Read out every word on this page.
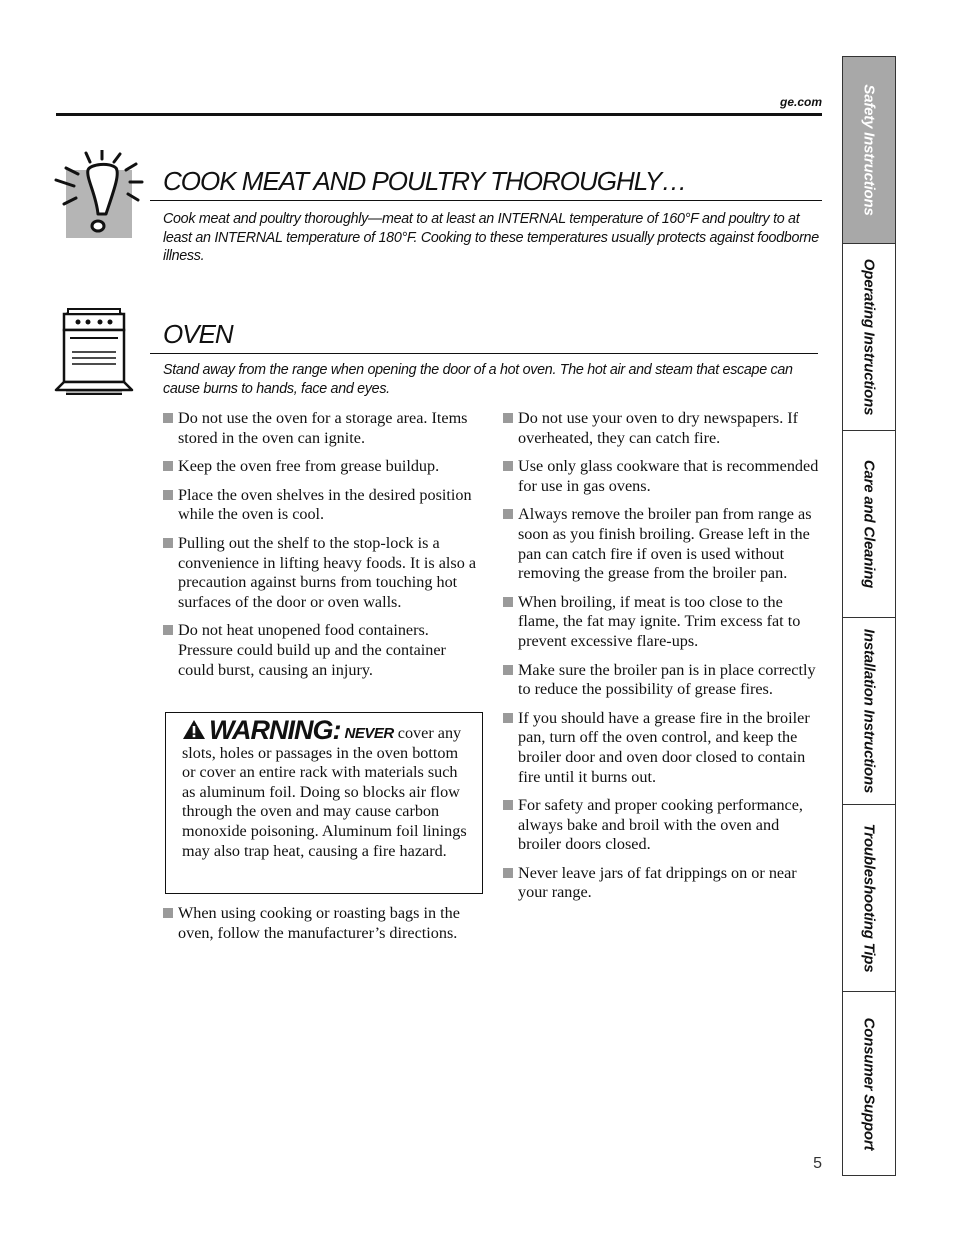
ge.com	Safety Instructions
Operating Instructions
Care and Cleaning
Installation Instructions
Troubleshooting Tips
Consumer Support
COOK MEAT AND POULTRY THOROUGHLY…
Cook meat and poultry thoroughly—meat to at least an INTERNAL temperature of 160°F and poultry to at least an INTERNAL temperature of 180°F. Cooking to these temperatures usually protects against foodborne illness.
OVEN
Stand away from the range when opening the door of a hot oven. The hot air and steam that escape can cause burns to hands, face and eyes.
Do not use the oven for a storage area. Items stored in the oven can ignite.
Keep the oven free from grease buildup.
Place the oven shelves in the desired position while the oven is cool.
Pulling out the shelf to the stop-lock is a convenience in lifting heavy foods. It is also a precaution against burns from touching hot surfaces of the door or oven walls.
Do not heat unopened food containers. Pressure could build up and the container could burst, causing an injury.
WARNING: NEVER cover any slots, holes or passages in the oven bottom or cover an entire rack with materials such as aluminum foil. Doing so blocks air flow through the oven and may cause carbon monoxide poisoning. Aluminum foil linings may also trap heat, causing a fire hazard.
When using cooking or roasting bags in the oven, follow the manufacturer’s directions.
Do not use your oven to dry newspapers. If overheated, they can catch fire.
Use only glass cookware that is recommended for use in gas ovens.
Always remove the broiler pan from range as soon as you finish broiling. Grease left in the pan can catch fire if oven is used without removing the grease from the broiler pan.
When broiling, if meat is too close to the flame, the fat may ignite. Trim excess fat to prevent excessive flare-ups.
Make sure the broiler pan is in place correctly to reduce the possibility of grease fires.
If you should have a grease fire in the broiler pan, turn off the oven control, and keep the broiler door and oven door closed to contain fire until it burns out.
For safety and proper cooking performance, always bake and broil with the oven and broiler doors closed.
Never leave jars of fat drippings on or near your range.
5
